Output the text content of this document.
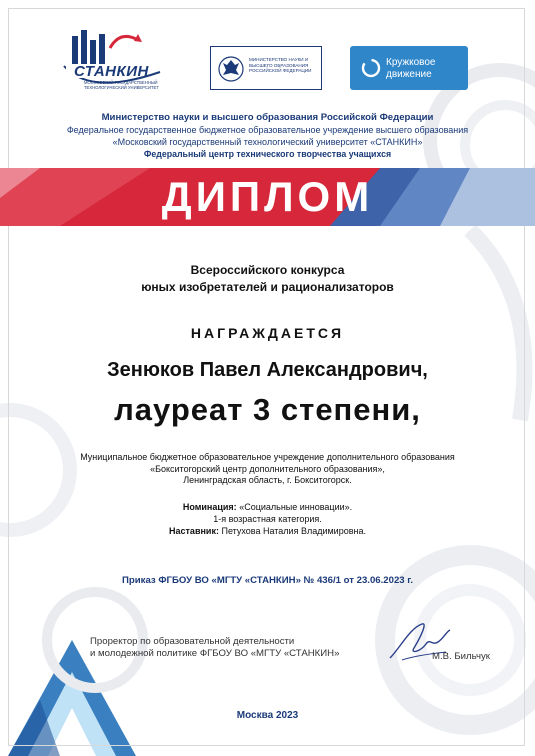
СТАНКИН
МОСКОВСКИЙ ГОСУДАРСТВЕННЫЙ ТЕХНОЛОГИЧЕСКИЙ УНИВЕРСИТЕТ
МИНИСТЕРСТВО НАУКИ И ВЫСШЕГО ОБРАЗОВАНИЯ РОССИЙСКОЙ ФЕДЕРАЦИИ
Кружковое
движение
Министерство науки и высшего образования Российской Федерации
Федеральное государственное бюджетное образовательное учреждение высшего образования
«Московский государственный технологический университет «СТАНКИН»
Федеральный центр технического творчества учащихся
ДИПЛОМ
Всероссийского конкурса
юных изобретателей и рационализаторов
НАГРАЖДАЕТСЯ
Зенюков Павел Александрович,
лауреат 3 степени,
Муниципальное бюджетное образовательное учреждение дополнительного образования
«Бокситогорский центр дополнительного образования»,
Ленинградская область, г. Бокситогорск.
Номинация: «Социальные инновации».
1-я возрастная категория.
Наставник: Петухова Наталия Владимировна.
Приказ ФГБОУ ВО «МГТУ «СТАНКИН» № 436/1 от 23.06.2023 г.
Проректор по образовательной деятельности
и молодежной политике ФГБОУ ВО «МГТУ «СТАНКИН»	М.В. Бильчук
Москва 2023
